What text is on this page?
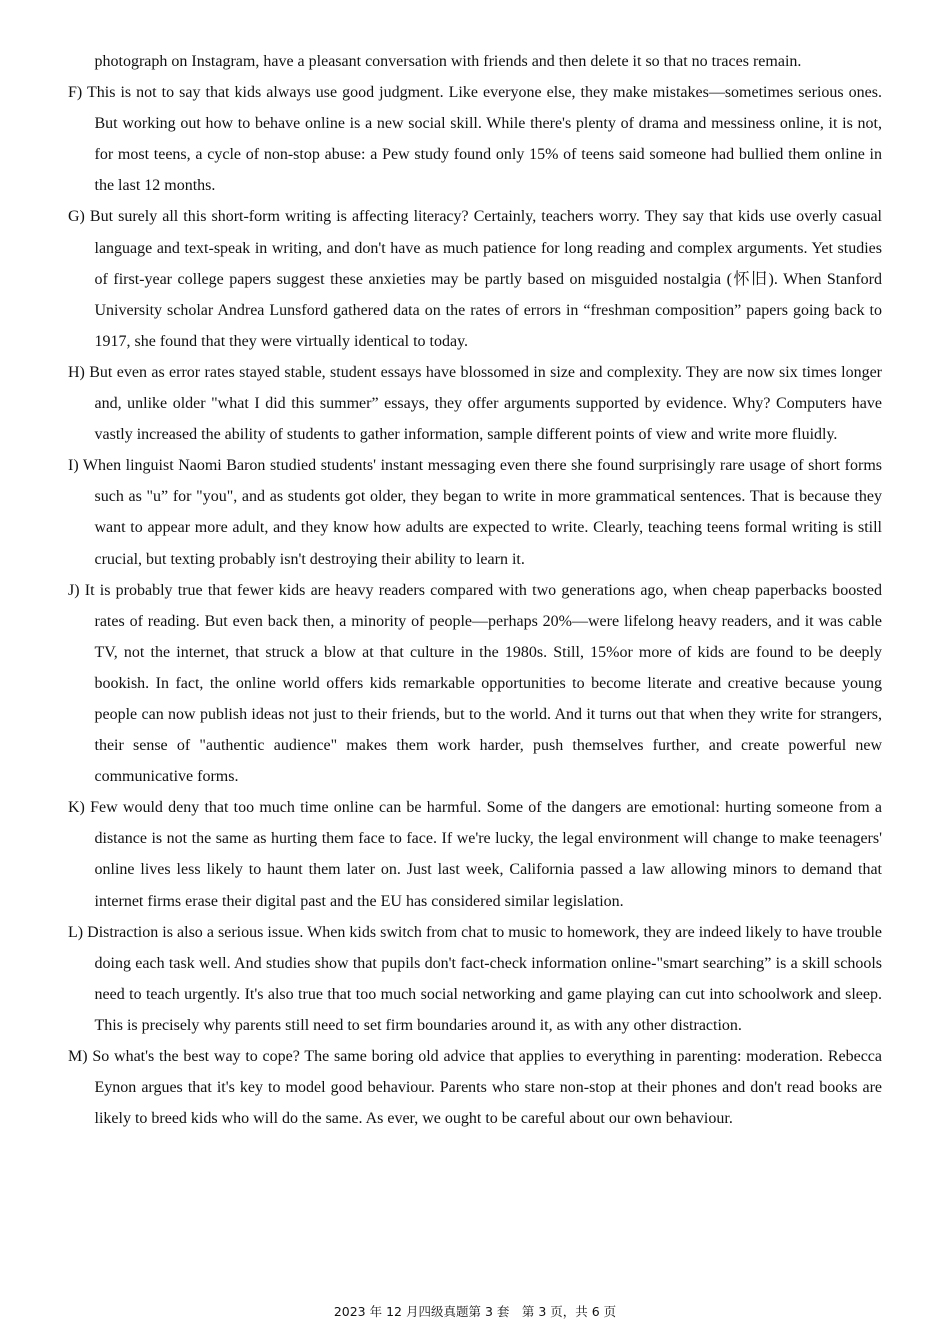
photograph on Instagram, have a pleasant conversation with friends and then delete it so that no traces remain.

F) This is not to say that kids always use good judgment. Like everyone else, they make mistakes—sometimes serious ones. But working out how to behave online is a new social skill. While there's plenty of drama and messiness online, it is not, for most teens, a cycle of non-stop abuse: a Pew study found only 15% of teens said someone had bullied them online in the last 12 months.

G) But surely all this short-form writing is affecting literacy? Certainly, teachers worry. They say that kids use overly casual language and text-speak in writing, and don't have as much patience for long reading and complex arguments. Yet studies of first-year college papers suggest these anxieties may be partly based on misguided nostalgia (怀旧). When Stanford University scholar Andrea Lunsford gathered data on the rates of errors in “freshman composition” papers going back to 1917, she found that they were virtually identical to today.

H) But even as error rates stayed stable, student essays have blossomed in size and complexity. They are now six times longer and, unlike older "what I did this summer” essays, they offer arguments supported by evidence. Why? Computers have vastly increased the ability of students to gather information, sample different points of view and write more fluidly.

I) When linguist Naomi Baron studied students' instant messaging even there she found surprisingly rare usage of short forms such as "u” for "you", and as students got older, they began to write in more grammatical sentences. That is because they want to appear more adult, and they know how adults are expected to write. Clearly, teaching teens formal writing is still crucial, but texting probably isn't destroying their ability to learn it.

J) It is probably true that fewer kids are heavy readers compared with two generations ago, when cheap paperbacks boosted rates of reading. But even back then, a minority of people—perhaps 20%—were lifelong heavy readers, and it was cable TV, not the internet, that struck a blow at that culture in the 1980s. Still, 15%or more of kids are found to be deeply bookish. In fact, the online world offers kids remarkable opportunities to become literate and creative because young people can now publish ideas not just to their friends, but to the world. And it turns out that when they write for strangers, their sense of "authentic audience" makes them work harder, push themselves further, and create powerful new communicative forms.

K) Few would deny that too much time online can be harmful. Some of the dangers are emotional: hurting someone from a distance is not the same as hurting them face to face. If we're lucky, the legal environment will change to make teenagers' online lives less likely to haunt them later on. Just last week, California passed a law allowing minors to demand that internet firms erase their digital past and the EU has considered similar legislation.

L) Distraction is also a serious issue. When kids switch from chat to music to homework, they are indeed likely to have trouble doing each task well. And studies show that pupils don't fact-check information online-"smart searching” is a skill schools need to teach urgently. It's also true that too much social networking and game playing can cut into schoolwork and sleep. This is precisely why parents still need to set firm boundaries around it, as with any other distraction.

M) So what's the best way to cope? The same boring old advice that applies to everything in parenting: moderation. Rebecca Eynon argues that it's key to model good behaviour. Parents who stare non-stop at their phones and don't read books are likely to breed kids who will do the same. As ever, we ought to be careful about our own behaviour.

2023 年 12 月四级真题第 3 套　第 3 页，共 6 页
